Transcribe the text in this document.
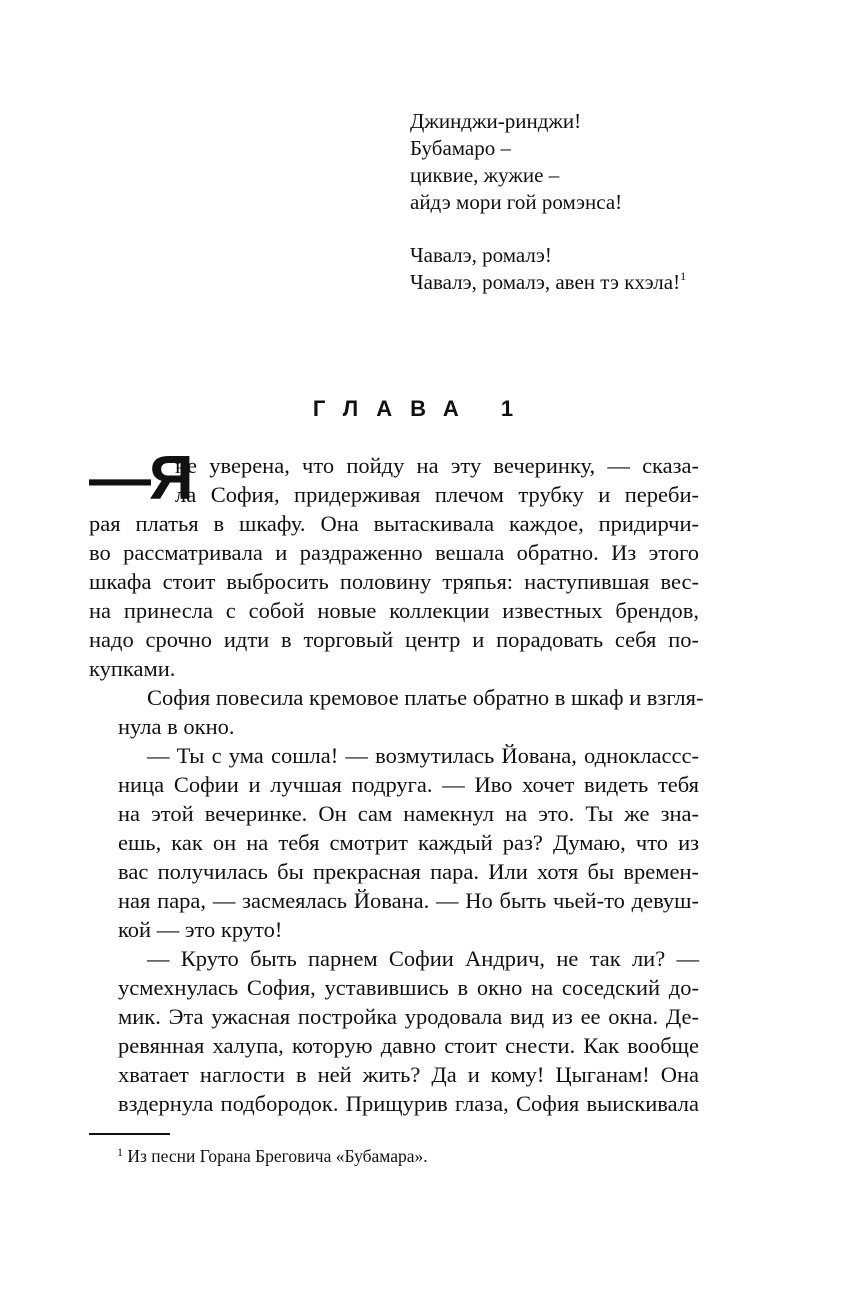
Джинджи-ринджи!
Бубамаро –
циквие, жужие –
айдэ мори гой ромэнса!
Чавалэ, ромалэ!
Чавалэ, ромалэ, авен тэ кхэла!$^1$
ГЛАВА 1
—Я
не уверена, что пойду на эту вечеринку, — сказа-
ла София, придерживая плечом трубку и переби-
рая платья в шкафу. Она вытаскивала каждое, придирчи-
во рассматривала и раздраженно вешала обратно. Из этого
шкафа стоит выбросить половину тряпья: наступившая вес-
на принесла с собой новые коллекции известных брендов,
надо срочно идти в торговый центр и порадовать себя по-
купками.
София повесила кремовое платье обратно в шкаф и взгля-
нула в окно.
— Ты с ума сошла! — возмутилась Йована, одноклассс-
ница Софии и лучшая подруга. — Иво хочет видеть тебя
на этой вечеринке. Он сам намекнул на это. Ты же зна-
ешь, как он на тебя смотрит каждый раз? Думаю, что из
вас получилась бы прекрасная пара. Или хотя бы времен-
ная пара, — засмеялась Йована. — Но быть чьей-то девуш-
кой — это круто!
— Круто быть парнем Софии Андрич, не так ли? —
усмехнулась София, уставившись в окно на соседский до-
мик. Эта ужасная постройка уродовала вид из ее окна. Де-
ревянная халупа, которую давно стоит снести. Как вообще
хватает наглости в ней жить? Да и кому! Цыганам! Она
вздернула подбородок. Прищурив глаза, София выискивала
$^1$ Из песни Горана Бреговича «Бубамара».
